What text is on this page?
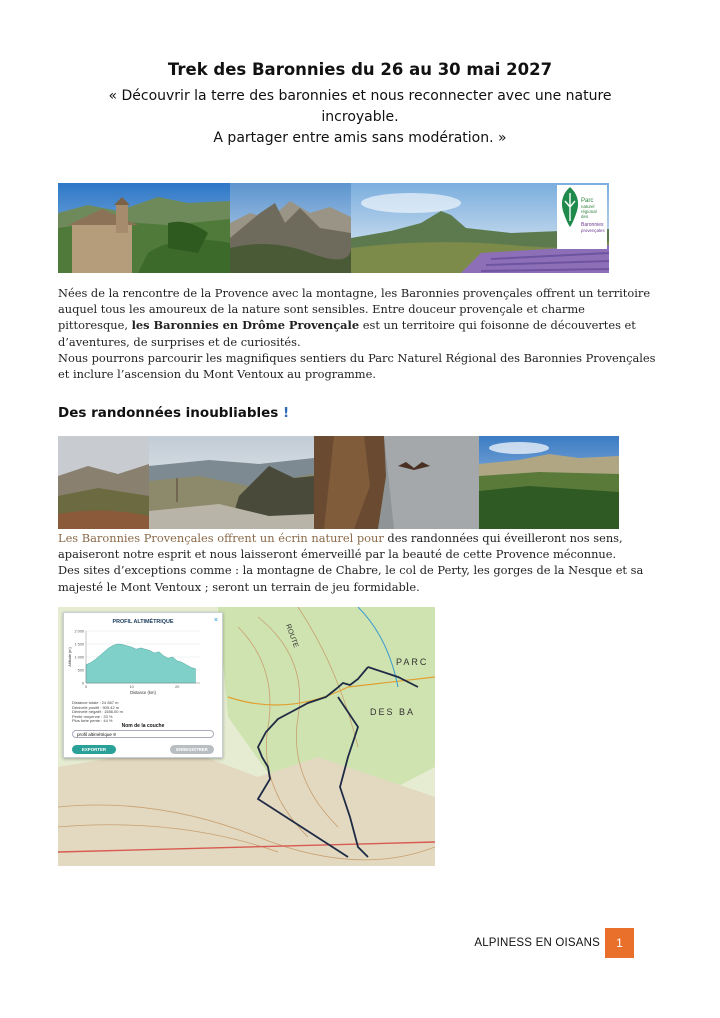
Trek des Baronnies du 26 au 30 mai 2027
« Découvrir la terre des baronnies et nous reconnecter avec une nature
incroyable.
A partager entre amis sans modération. »
Parc
naturel
régional
des
Baronnies
provençales
Nées de la rencontre de la Provence avec la montagne, les Baronnies provençales offrent un territoire auquel tous les amoureux de la nature sont sensibles. Entre douceur provençale et charme pittoresque, les Baronnies en Drôme Provençale est un territoire qui foisonne de découvertes et d’aventures, de surprises et de curiosités.
Nous pourrons parcourir les magnifiques sentiers du Parc Naturel Régional des Baronnies Provençales et inclure l’ascension du Mont Ventoux au programme.
Des randonnées inoubliables !
Les Baronnies Provençales offrent un écrin naturel pour des randonnées qui éveilleront nos sens, apaiseront notre esprit et nous laisseront émerveillé par la beauté de cette Provence méconnue.
Des sites d’exceptions comme : la montagne de Chabre, le col de Perty, les gorges de la Nesque et sa majesté le Mont Ventoux ; seront un terrain de jeu formidable.
PARC
DES BA
ROUTE
PROFIL ALTIMÉTRIQUE	×
2 000
1 500
1 000
500
0
0	10	20
Distance (km)
Altitude (m)
Distance totale : 24 867 m
Dénivelé positif : 905.42 m
Dénivelé négatif : 1586.00 m
Pente moyenne : 33 %
Plus forte pente : 44 %
Nom de la couche
profil altimétrique 9
EXPORTER	ENREGISTRER
ALPINESS EN OISANS 1
